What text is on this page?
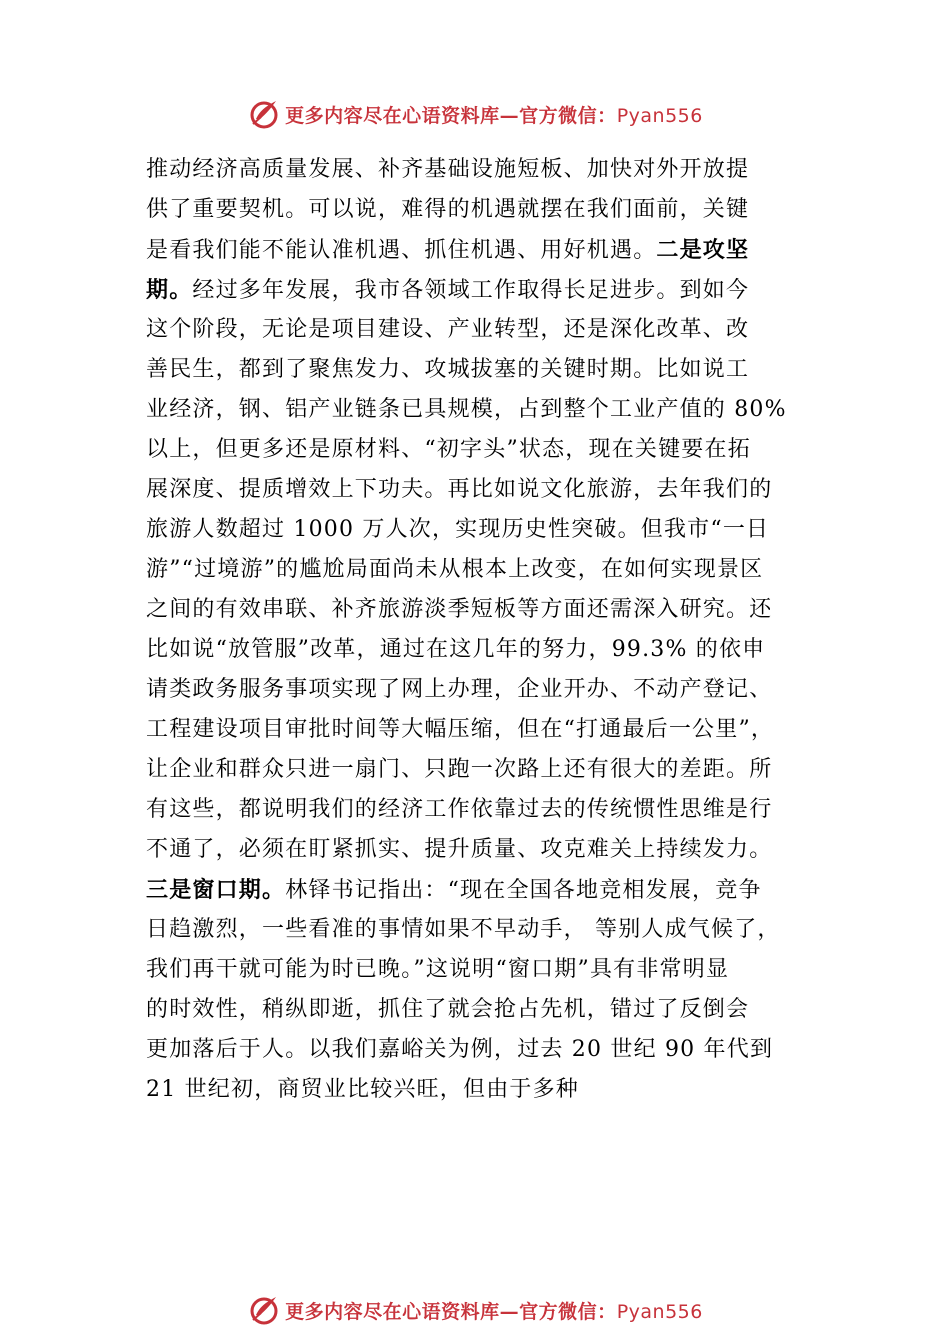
更多内容尽在心语资料库—官方微信：Pyan556
推动经济高质量发展、补齐基础设施短板、加快对外开放提
供了重要契机。可以说，难得的机遇就摆在我们面前，关键
是看我们能不能认准机遇、抓住机遇、用好机遇。二是攻坚
期。经过多年发展，我市各领域工作取得长足进步。到如今
这个阶段，无论是项目建设、产业转型，还是深化改革、改
善民生，都到了聚焦发力、攻城拔塞的关键时期。比如说工
业经济，钢、铝产业链条已具规模，占到整个工业产值的 80%
以上，但更多还是原材料、“初字头”状态，现在关键要在拓
展深度、提质增效上下功夫。再比如说文化旅游，去年我们的
旅游人数超过 1000 万人次，实现历史性突破。但我市“一日
游”“过境游”的尴尬局面尚未从根本上改变，在如何实现景区
之间的有效串联、补齐旅游淡季短板等方面还需深入研究。还
比如说“放管服”改革，通过在这几年的努力，99.3% 的依申
请类政务服务事项实现了网上办理，企业开办、不动产登记、
工程建设项目审批时间等大幅压缩，但在“打通最后一公里”，
让企业和群众只进一扇门、只跑一次路上还有很大的差距。所
有这些，都说明我们的经济工作依靠过去的传统惯性思维是行
不通了，必须在盯紧抓实、提升质量、攻克难关上持续发力。
三是窗口期。林铎书记指出：“现在全国各地竞相发展，竞争
日趋激烈，一些看准的事情如果不早动手， 等别人成气候了，
我们再干就可能为时已晚。”这说明“窗口期”具有非常明显
的时效性，稍纵即逝，抓住了就会抢占先机，错过了反倒会
更加落后于人。以我们嘉峪关为例，过去 20 世纪 90 年代到
21 世纪初，商贸业比较兴旺，但由于多种
更多内容尽在心语资料库—官方微信：Pyan556
